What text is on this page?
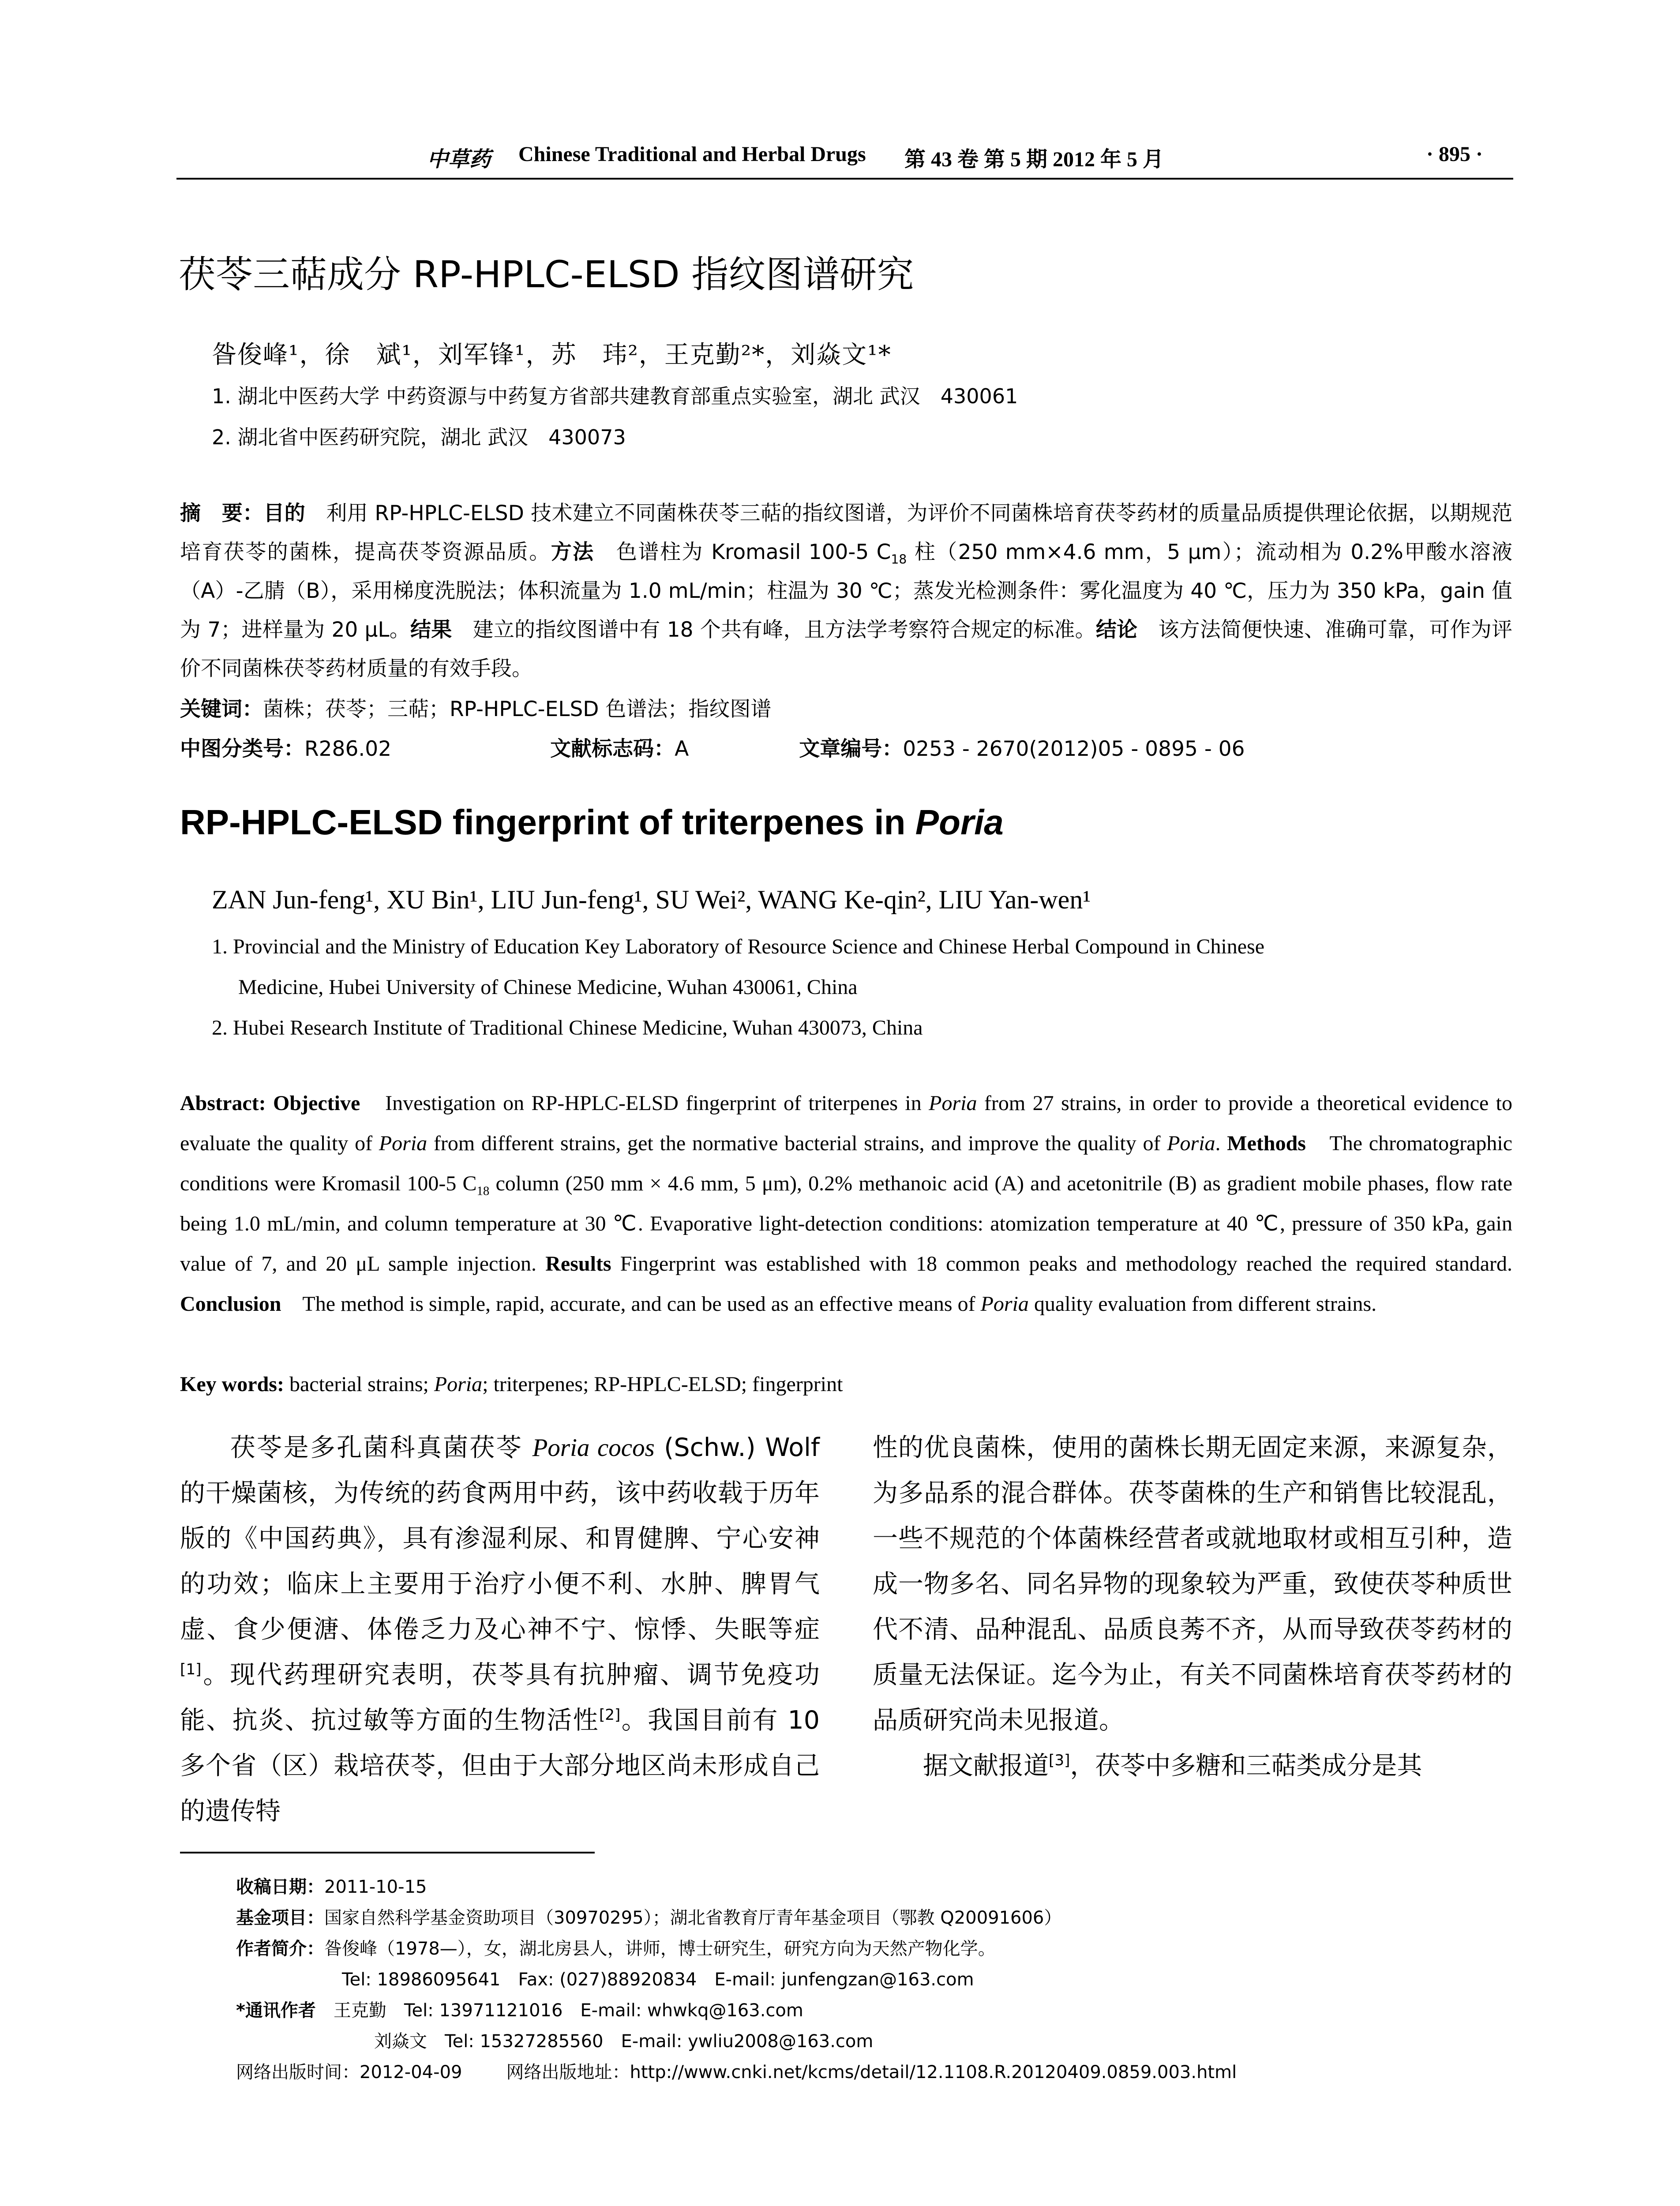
中草药 Chinese Traditional and Herbal Drugs 第 43 卷 第 5 期 2012 年 5 月	· 895 ·
茯苓三萜成分 RP-HPLC-ELSD 指纹图谱研究
昝俊峰¹，徐　斌¹，刘军锋¹，苏　玮²，王克勤²*，刘焱文¹*
1. 湖北中医药大学 中药资源与中药复方省部共建教育部重点实验室，湖北 武汉　430061
2. 湖北省中医药研究院，湖北 武汉　430073
摘　要：目的　利用 RP-HPLC-ELSD 技术建立不同菌株茯苓三萜的指纹图谱，为评价不同菌株培育茯苓药材的质量品质提供理论依据，以期规范培育茯苓的菌株，提高茯苓资源品质。方法　色谱柱为 Kromasil 100-5 $C_{18}$ 柱（250 mm×4.6 mm，5 μm）；流动相为 0.2%甲酸水溶液（A）-乙腈（B），采用梯度洗脱法；体积流量为 1.0 mL/min；柱温为 30 ℃；蒸发光检测条件：雾化温度为 40 ℃，压力为 350 kPa，gain 值为 7；进样量为 20 μL。结果　建立的指纹图谱中有 18 个共有峰，且方法学考察符合规定的标准。结论　该方法简便快速、准确可靠，可作为评价不同菌株茯苓药材质量的有效手段。
关键词：菌株；茯苓；三萜；RP-HPLC-ELSD 色谱法；指纹图谱
中图分类号：R286.02	文献标志码：A	文章编号：0253 - 2670(2012)05 - 0895 - 06
RP-HPLC-ELSD fingerprint of triterpenes in Poria
ZAN Jun-feng¹, XU Bin¹, LIU Jun-feng¹, SU Wei², WANG Ke-qin², LIU Yan-wen¹
1. Provincial and the Ministry of Education Key Laboratory of Resource Science and Chinese Herbal Compound in Chinese
Medicine, Hubei University of Chinese Medicine, Wuhan 430061, China
2. Hubei Research Institute of Traditional Chinese Medicine, Wuhan 430073, China
Abstract: Objective　Investigation on RP-HPLC-ELSD fingerprint of triterpenes in Poria from 27 strains, in order to provide a theoretical evidence to evaluate the quality of Poria from different strains, get the normative bacterial strains, and improve the quality of Poria. Methods　The chromatographic conditions were Kromasil 100-5 $C_{18}$ column (250 mm × 4.6 mm, 5 μm), 0.2% methanoic acid (A) and acetonitrile (B) as gradient mobile phases, flow rate being 1.0 mL/min, and column temperature at 30 ℃. Evaporative light-detection conditions: atomization temperature at 40 ℃, pressure of 350 kPa, gain value of 7, and 20 μL sample injection. Results Fingerprint was established with 18 common peaks and methodology reached the required standard. Conclusion　The method is simple, rapid, accurate, and can be used as an effective means of Poria quality evaluation from different strains.
Key words: bacterial strains; Poria; triterpenes; RP-HPLC-ELSD; fingerprint
茯苓是多孔菌科真菌茯苓 Poria cocos (Schw.) Wolf 的干燥菌核，为传统的药食两用中药，该中药收载于历年版的《中国药典》，具有渗湿利尿、和胃健脾、宁心安神的功效；临床上主要用于治疗小便不利、水肿、脾胃气虚、食少便溏、体倦乏力及心神不宁、惊悸、失眠等症[1]。现代药理研究表明，茯苓具有抗肿瘤、调节免疫功能、抗炎、抗过敏等方面的生物活性[2]。我国目前有 10 多个省（区）栽培茯苓，但由于大部分地区尚未形成自己的遗传特
性的优良菌株，使用的菌株长期无固定来源，来源复杂，为多品系的混合群体。茯苓菌株的生产和销售比较混乱，一些不规范的个体菌株经营者或就地取材或相互引种，造成一物多名、同名异物的现象较为严重，致使茯苓种质世代不清、品种混乱、品质良莠不齐，从而导致茯苓药材的质量无法保证。迄今为止，有关不同菌株培育茯苓药材的品质研究尚未见报道。
据文献报道[3]，茯苓中多糖和三萜类成分是其
收稿日期：2011-10-15
基金项目：国家自然科学基金资助项目（30970295）；湖北省教育厅青年基金项目（鄂教 Q20091606）
作者简介：昝俊峰（1978—），女，湖北房县人，讲师，博士研究生，研究方向为天然产物化学。
Tel: 18986095641　Fax: (027)88920834　E-mail: junfengzan@163.com
*通讯作者 王克勤　Tel: 13971121016　E-mail: whwkq@163.com
刘焱文　Tel: 15327285560　E-mail: ywliu2008@163.com
网络出版时间：2012-04-09	网络出版地址：http://www.cnki.net/kcms/detail/12.1108.R.20120409.0859.003.html
